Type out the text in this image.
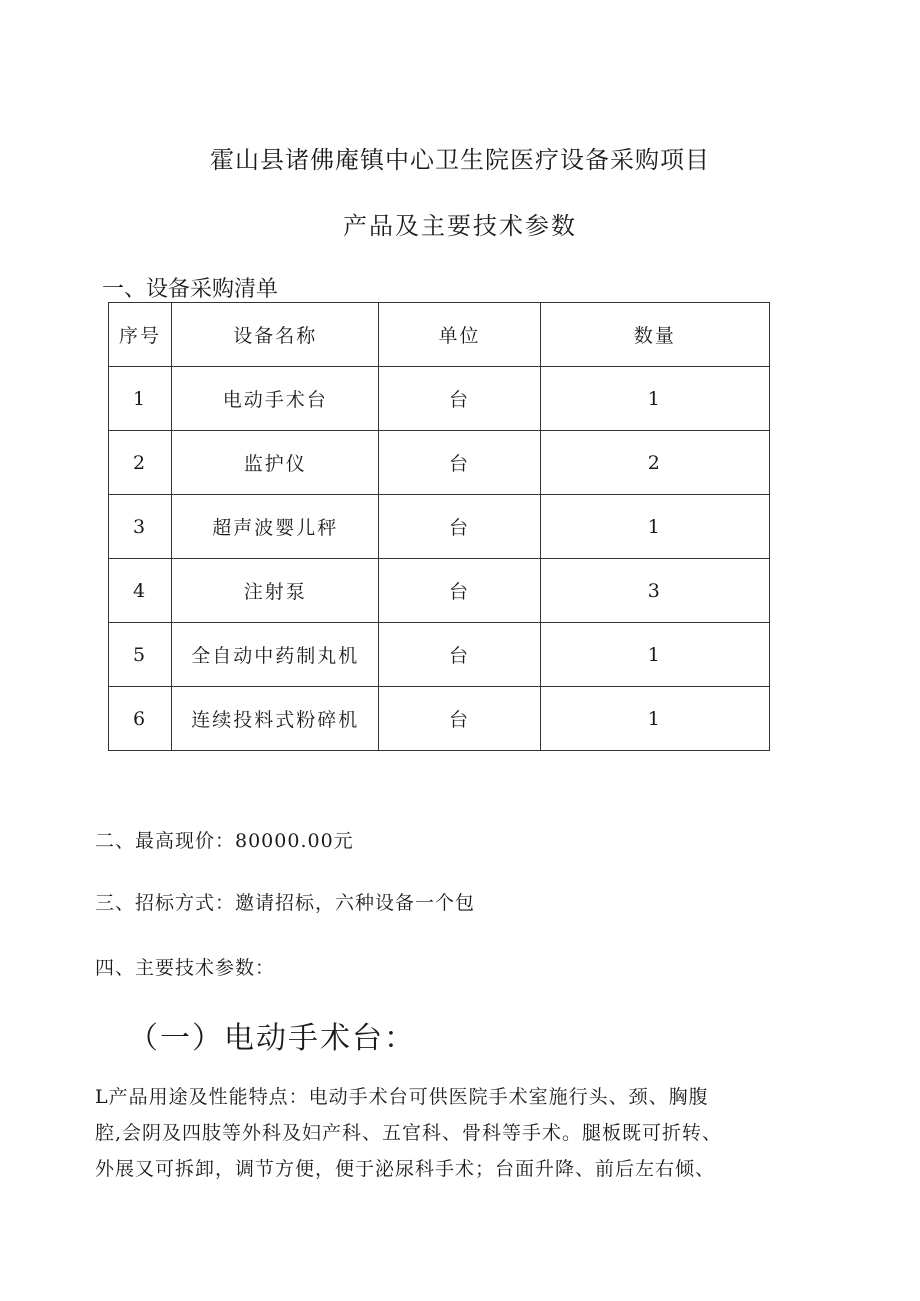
霍山县诸佛庵镇中心卫生院医疗设备采购项目
产品及主要技术参数
一、设备采购清单
序号	设备名称	单位	数量
1	电动手术台	台	1
2	监护仪	台	2
3	超声波婴儿秤	台	1
4	注射泵	台	3
5	全自动中药制丸机	台	1
6	连续投料式粉碎机	台	1
二、最高现价：80000.00元
三、招标方式：邀请招标，六种设备一个包
四、主要技术参数：
（一）电动手术台：
L产品用途及性能特点：电动手术台可供医院手术室施行头、颈、胸腹
腔,会阴及四肢等外科及妇产科、五官科、骨科等手术。腿板既可折转、
外展又可拆卸，调节方便，便于泌尿科手术；台面升降、前后左右倾、
